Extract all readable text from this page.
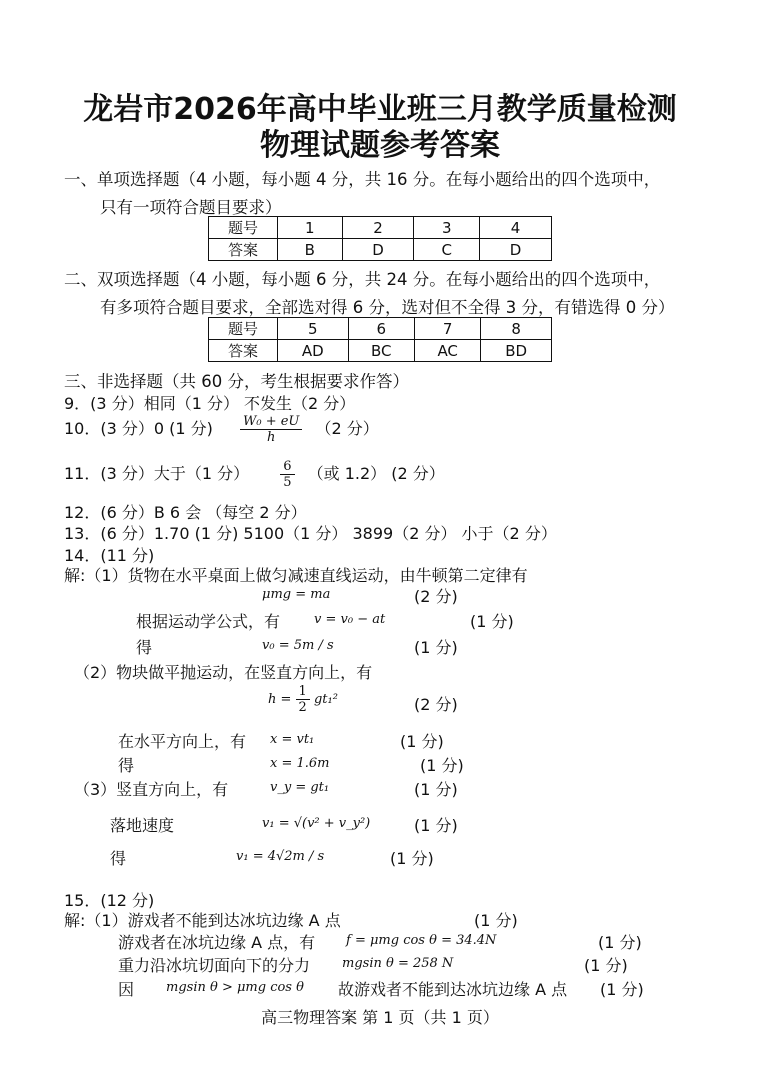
龙岩市2026年高中毕业班三月教学质量检测
物理试题参考答案
一、单项选择题（4 小题，每小题 4 分，共 16 分。在每小题给出的四个选项中，
只有一项符合题目要求）
题号	1	2	3	4
答案	B	D	C	D
二、双项选择题（4 小题，每小题 6 分，共 24 分。在每小题给出的四个选项中，
有多项符合题目要求，全部选对得 6 分，选对但不全得 3 分，有错选得 0 分）
题号	5	6	7	8
答案	AD	BC	AC	BD
三、非选择题（共 60 分，考生根据要求作答）
9．(3 分）相同（1 分） 不发生（2 分）
10．(3 分）0 (1 分) $\frac{\text{W₀ + eU}}{h} (2$ 分）
11．(3 分）大于（1 分） $\frac{6}{5}$ （或 1.2） (2 分）
12．(6 分）B 6 会 （每空 2 分）
13．(6 分）1.70 (1 分) 5100（1 分） 3899（2 分） 小于（2 分）
14．(11 分)
解:（1）货物在水平桌面上做匀减速直线运动，由牛顿第二定律有
μmg = ma	(2 分)
根据运动学公式，有	v = v₀ − at	(1 分)
得	v₀ = 5m / s	(1 分)
（2）物块做平抛运动，在竖直方向上，有
$h = \frac{1}{2} gt_1^2$	(2 分)
在水平方向上，有 x = vt₁	(1 分)
得	x = 1.6m	(1 分)
（3）竖直方向上，有	v_y = gt₁	(1 分)
落地速度	v₁ = √(v² + v_y²)	(1 分)
得	v₁ = 4√2m / s	(1 分)
15．(12 分)
解:（1）游戏者不能到达冰坑边缘 A 点	(1 分)
游戏者在冰坑边缘 A 点，有 f = μmg cos θ = 34.4N	(1 分)
重力沿冰坑切面向下的分力 mgsin θ = 258 N	(1 分)
因 mgsin θ > μmg cos θ 故游戏者不能到达冰坑边缘 A 点 (1 分)
高三物理答案 第 1 页（共 1 页）
